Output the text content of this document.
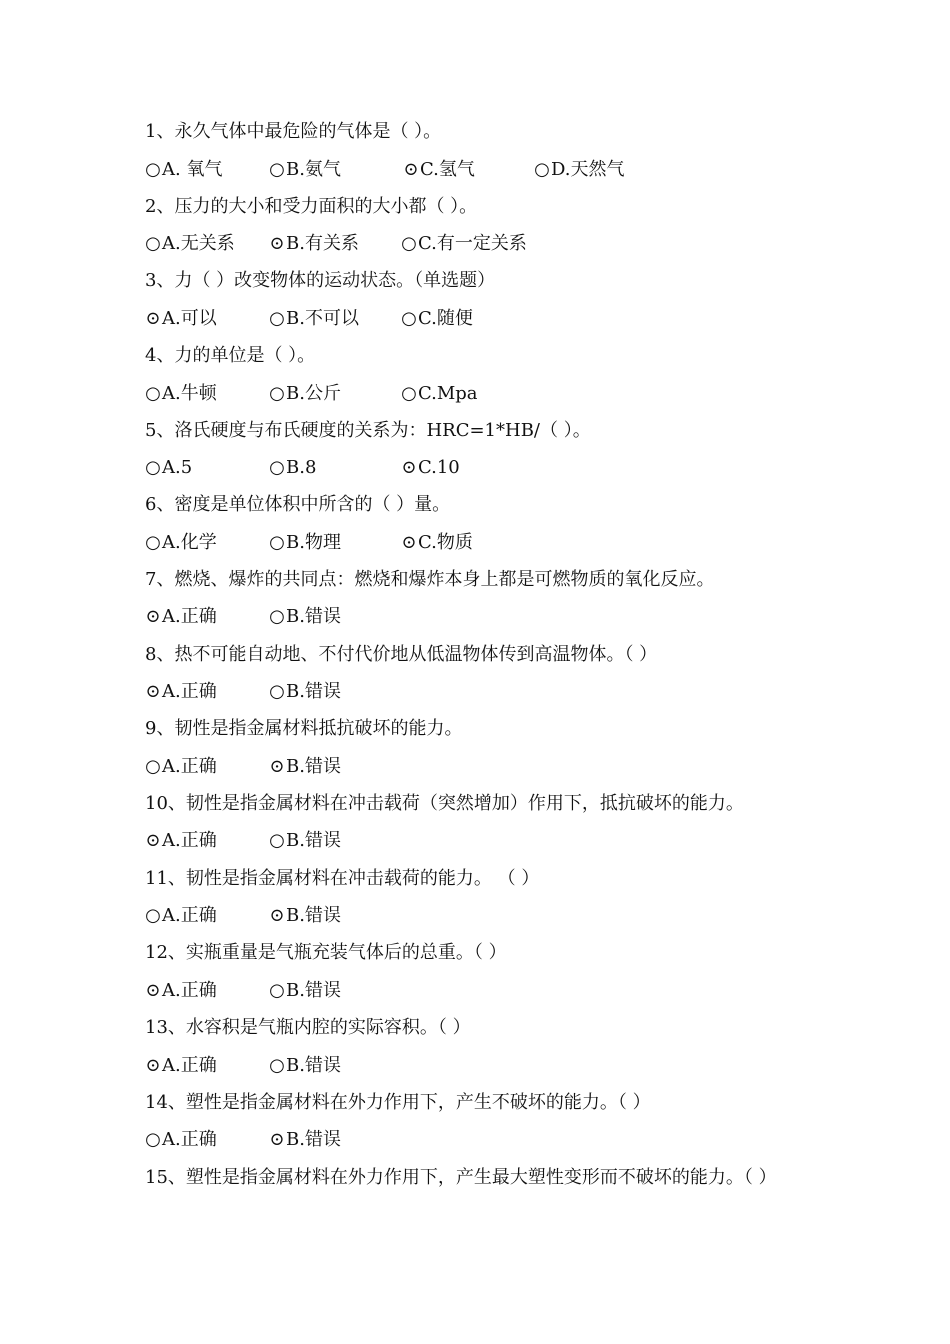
1、永久气体中最危险的气体是（ ）。
○A. 氧气	○B.氨气	⊙C.氢气	○D.天然气
2、压力的大小和受力面积的大小都（ ）。
○A.无关系 ⊙B.有关系 ○C.有一定关系
3、力（ ）改变物体的运动状态。（单选题）
⊙A.可以	○B.不可以 ○C.随便
4、力的单位是（ ）。
○A.牛顿	○B.公斤	○C.Mpa
5、洛氏硬度与布氏硬度的关系为：HRC=1*HB/（ ）。
○A.5	○B.8	⊙C.10
6、密度是单位体积中所含的（ ）量。
○A.化学	○B.物理	⊙C.物质
7、燃烧、爆炸的共同点：燃烧和爆炸本身上都是可燃物质的氧化反应。
⊙A.正确	○B.错误
8、热不可能自动地、不付代价地从低温物体传到高温物体。（ ）
⊙A.正确	○B.错误
9、韧性是指金属材料抵抗破坏的能力。
○A.正确	⊙B.错误
10、韧性是指金属材料在冲击载荷（突然增加）作用下，抵抗破坏的能力。
⊙A.正确	○B.错误
11、韧性是指金属材料在冲击载荷的能力。 （ ）
○A.正确	⊙B.错误
12、实瓶重量是气瓶充装气体后的总重。（ ）
⊙A.正确	○B.错误
13、水容积是气瓶内腔的实际容积。（ ）
⊙A.正确	○B.错误
14、塑性是指金属材料在外力作用下，产生不破坏的能力。（ ）
○A.正确	⊙B.错误
15、塑性是指金属材料在外力作用下，产生最大塑性变形而不破坏的能力。（ ）
